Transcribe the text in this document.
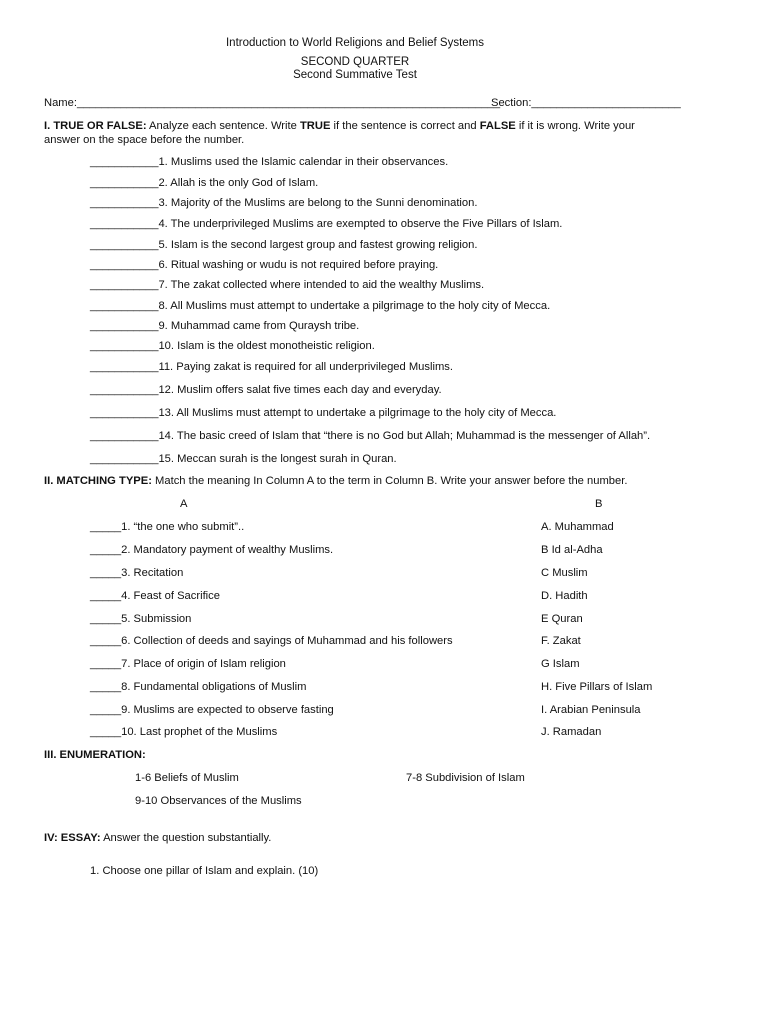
Introduction to World Religions and Belief Systems
SECOND QUARTER
Second Summative Test
Name:____________________________________________________________________
Section:________________________
I. TRUE OR FALSE: Analyze each sentence. Write TRUE if the sentence is correct and FALSE if it is wrong. Write your
answer on the space before the number.
___________1. Muslims used the Islamic calendar in their observances.
___________2. Allah is the only God of Islam.
___________3. Majority of the Muslims are belong to the Sunni denomination.
___________4. The underprivileged Muslims are exempted to observe the Five Pillars of Islam.
___________5. Islam is the second largest group and fastest growing religion.
___________6. Ritual washing or wudu is not required before praying.
___________7. The zakat collected where intended to aid the wealthy Muslims.
___________8. All Muslims must attempt to undertake a pilgrimage to the holy city of Mecca.
___________9. Muhammad came from Quraysh tribe.
___________10. Islam is the oldest monotheistic religion.
___________11. Paying zakat is required for all underprivileged Muslims.
___________12. Muslim offers salat five times each day and everyday.
___________13. All Muslims must attempt to undertake a pilgrimage to the holy city of Mecca.
___________14. The basic creed of Islam that “there is no God but Allah; Muhammad is the messenger of Allah”.
___________15. Meccan surah is the longest surah in Quran.
II. MATCHING TYPE: Match the meaning In Column A to the term in Column B. Write your answer before the number.
A	B
_____1. “the one who submit”..	A. Muhammad
_____2. Mandatory payment of wealthy Muslims.	B Id al-Adha
_____3. Recitation	C Muslim
_____4. Feast of Sacrifice	D. Hadith
_____5. Submission	E Quran
_____6. Collection of deeds and sayings of Muhammad and his followers	F. Zakat
_____7. Place of origin of Islam religion	G Islam
_____8. Fundamental obligations of Muslim	H. Five Pillars of Islam
_____9. Muslims are expected to observe fasting	I. Arabian Peninsula
_____10. Last prophet of the Muslims	J. Ramadan
III. ENUMERATION:
1-6 Beliefs of Muslim	7-8 Subdivision of Islam
9-10 Observances of the Muslims
IV: ESSAY: Answer the question substantially.
1. Choose one pillar of Islam and explain. (10)
